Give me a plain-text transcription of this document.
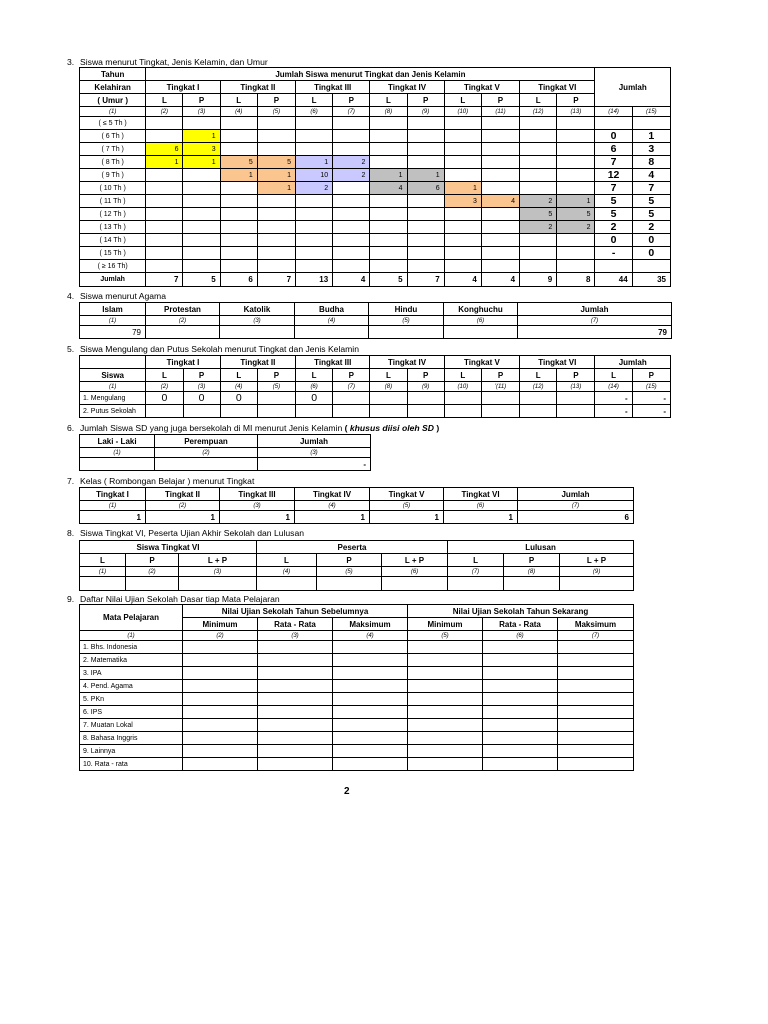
3. Siswa menurut Tingkat, Jenis Kelamin, dan Umur
Tahun	Jumlah Siswa menurut Tingkat dan Jenis Kelamin												Jumlah	
Kelahiran	Tingkat I		Tingkat II		Tingkat III		Tingkat IV		Tingkat V		Tingkat VI			
( Umur )	L	P	L	P	L	P	L	P	L	P	L	P		
(1)	(2)	(3)	(4)	(5)	(6)	(7)	(8)	(9)	(10)	(11)	(12)	(13)	(14)	(15)
( ≤ 5 Th )														
( 6 Th )		1											0	1
( 7 Th )	6	3											6	3
( 8 Th )	1	1	5	5	1	2							7	8
( 9 Th )			1	1	10	2	1	1					12	4
( 10 Th )				1	2		4	6	1				7	7
( 11 Th )									3	4	2	1	5	5
( 12 Th )											5	5	5	5
( 13 Th )											2	2	2	2
( 14 Th )													0	0
( 15 Th )													-	0
( ≥ 16 Th)														
Jumlah	7	5	6	7	13	4	5	7	4	4	9	8	44	35
4. Siswa menurut Agama
Islam	Protestan	Katolik	Budha	Hindu	Konghuchu	Jumlah
(1)	(2)	(3)	(4)	(5)	(6)	(7)
79						79
5. Siswa Mengulang dan Putus Sekolah menurut Tingkat dan Jenis Kelamin
	Tingkat I		Tingkat II		Tingkat III		Tingkat IV		Tingkat V		Tingkat VI		Jumlah	
Siswa	L	P	L	P	L	P	L	P	L	P	L	P	L	P
(1)	(2)	(3)	(4)	(5)	(6)	(7)	(8)	(9)	(10)	'(11)	(12)	(13)	(14)	(15)
1. Mengulang	0	0	0		0								-	-
2. Putus Sekolah													-	-
6. Jumlah Siswa SD yang juga bersekolah di MI menurut Jenis Kelamin ( khusus diisi oleh SD )
Laki - Laki	Perempuan	Jumlah
(1)	(2)	(3)
		-
7. Kelas ( Rombongan Belajar ) menurut Tingkat
Tingkat I	Tingkat II	Tingkat III	Tingkat IV	Tingkat V	Tingkat VI	Jumlah
(1)	(2)	(3)	(4)	(5)	(6)	(7)
1	1	1	1	1	1	6
8. Siswa Tingkat VI, Peserta Ujian Akhir Sekolah dan Lulusan
Siswa Tingkat VI			Peserta			Lulusan		
L	P	L + P	L	P	L + P	L	P	L + P
(1)	(2)	(3)	(4)	(5)	(6)	(7)	(8)	(9)

9. Daftar Nilai Ujian Sekolah Dasar tiap Mata Pelajaran
Mata Pelajaran	Nilai Ujian Sekolah Tahun Sebelumnya			Nilai Ujian Sekolah Tahun Sekarang		
	Minimum	Rata - Rata	Maksimum	Minimum	Rata - Rata	Maksimum
(1)	(2)	(3)	(4)	(5)	(6)	(7)
1. Bhs. Indonesia						
2. Matematika						
3. IPA						
4. Pend. Agama						
5. PKn						
6. IPS						
7. Muatan Lokal						
8. Bahasa Inggris						
9. Lainnya						
10. Rata - rata						
2
